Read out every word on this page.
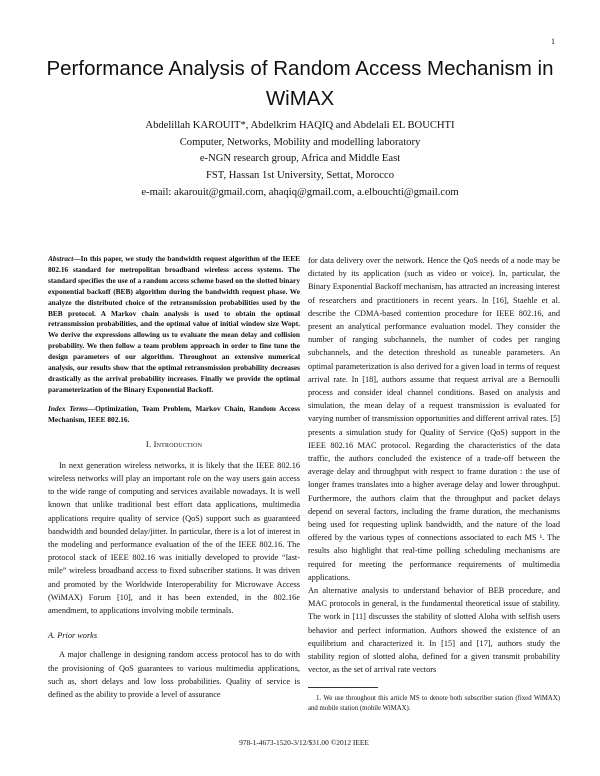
1
Performance Analysis of Random Access Mechanism in WiMAX
Abdelillah KAROUIT*, Abdelkrim HAQIQ and Abdelali EL BOUCHTI
Computer, Networks, Mobility and modelling laboratory
e-NGN research group, Africa and Middle East
FST, Hassan 1st University, Settat, Morocco
e-mail: akarouit@gmail.com, ahaqiq@gmail.com, a.elbouchti@gmail.com
Abstract—In this paper, we study the bandwidth request algorithm of the IEEE 802.16 standard for metropolitan broadband wireless access systems. The standard specifies the use of a random access scheme based on the slotted binary exponential backoff (BEB) algorithm during the bandwidth request phase. We analyze the distributed choice of the retransmission probabilities used by the BEB protocol. A Markov chain analysis is used to obtain the optimal retransmission probabilities, and the optimal value of initial window size Wopt. We derive the expressions allowing us to evaluate the mean delay and collision probability. We then follow a team problem approach in order to fine tune the design parameters of our algorithm. Throughout an extensive numerical analysis, our results show that the optimal retransmission probability decreases drastically as the arrival probability increases. Finally we provide the optimal parameterization of the Binary Exponential Backoff.
Index Terms—Optimization, Team Problem, Markov Chain, Random Access Mechanism, IEEE 802.16.
I. Introduction

In next generation wireless networks, it is likely that the IEEE 802.16 wireless networks will play an important role on the way users gain access to the wide range of computing and services available nowadays. It is well known that unlike traditional best effort data applications, multimedia applications require quality of service (QoS) support such as guaranteed bandwidth and bounded delay/jitter. In particular, there is a lot of interest in the modeling and performance evaluation of the of the IEEE 802.16. The protocol stack of IEEE 802.16 was initially developed to provide “last-mile” wireless broadband access to fixed subscriber stations. It was driven and promoted by the Worldwide Interoperability for Microwave Access (WiMAX) Forum [10], and it has been extended, in the 802.16e amendment, to applications involving mobile terminals.

A. Prior works

A major challenge in designing random access protocol has to do with the provisioning of QoS guarantees to various multimedia applications, such as, short delays and low loss probabilities. Quality of service is defined as the ability to provide a level of assurance

for data delivery over the network. Hence the QoS needs of a node may be dictated by its application (such as video or voice). In, particular, the Binary Exponential Backoff mechanism, has attracted an increasing interest of researchers and practitioners in recent years. In [16], Staehle et al. describe the CDMA-based contention procedure for IEEE 802.16, and present an analytical performance evaluation model. They consider the number of ranging subchannels, the number of codes per ranging subchannels, and the detection threshold as tuneable parameters. An optimal parameterization is also derived for a given load in terms of request arrival rate. In [18], authors assume that request arrival are a Bernoulli process and consider ideal channel conditions. Based on analysis and simulation, the mean delay of a request transmission is evaluated for varying number of transmission opportunities and different arrival rates. [5] presents a simulation study for Quality of Service (QoS) support in the IEEE 802.16 MAC protocol. Regarding the characteristics of the data traffic, the authors concluded the existence of a trade-off between the average delay and throughput with respect to frame duration : the use of longer frames translates into a higher average delay and lower throughput. Furthermore, the authors claim that the throughput and packet delays depend on several factors, including the frame duration, the mechanisms being used for requesting uplink bandwidth, and the nature of the load offered by the various types of connections associated to each MS ¹. The results also highlight that real-time polling scheduling mechanisms are required for meeting the performance requirements of multimedia applications.

An alternative analysis to understand behavior of BEB procedure, and MAC protocols in general, is the fundamental theoretical issue of stability. The work in [11] discusses the stability of slotted Aloha with selfish users behavior and perfect information. Authors showed the existence of an equilibrium and characterized it. In [15] and [17], authors study the stability region of slotted aloha, defined for a given transmit probability vector, as the set of arrival rate vectors

1. We use throughout this article MS to denote both subscriber station (fixed WiMAX) and mobile station (mobile WiMAX).
978-1-4673-1520-3/12/$31.00 ©2012 IEEE
